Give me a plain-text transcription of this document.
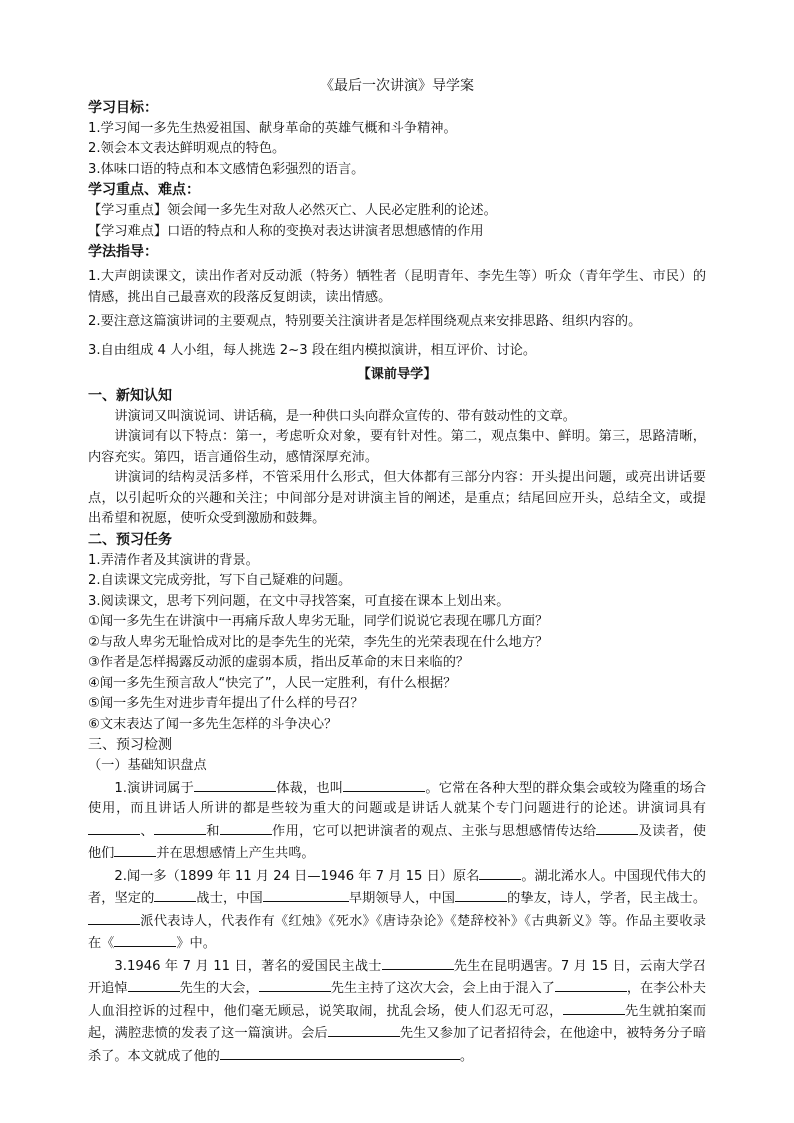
《最后一次讲演》导学案
学习目标：

1.学习闻一多先生热爱祖国、献身革命的英雄气概和斗争精神。

2.领会本文表达鲜明观点的特色。

3.体味口语的特点和本文感情色彩强烈的语言。

学习重点、难点：

【学习重点】领会闻一多先生对敌人必然灭亡、人民必定胜利的论述。

【学习难点】口语的特点和人称的变换对表达讲演者思想感情的作用

学法指导：

1.大声朗读课文，读出作者对反动派（特务）牺牲者（昆明青年、李先生等）听众（青年学生、市民）的情感，挑出自己最喜欢的段落反复朗读，读出情感。

2.要注意这篇演讲词的主要观点，特别要关注演讲者是怎样围绕观点来安排思路、组织内容的。

3.自由组成 4 人小组，每人挑选 2~3 段在组内模拟演讲，相互评价、讨论。

【课前导学】
一、新知认知

讲演词又叫演说词、讲话稿，是一种供口头向群众宣传的、带有鼓动性的文章。

讲演词有以下特点：第一，考虑听众对象，要有针对性。第二，观点集中、鲜明。第三，思路清晰，内容充实。第四，语言通俗生动，感情深厚充沛。

讲演词的结构灵活多样，不管采用什么形式，但大体都有三部分内容：开头提出问题，或亮出讲话要点，以引起听众的兴趣和关注；中间部分是对讲演主旨的阐述，是重点；结尾回应开头，总结全文，或提出希望和祝愿，使听众受到激励和鼓舞。

二、预习任务

1.弄清作者及其演讲的背景。

2.自读课文完成旁批，写下自己疑难的问题。

3.阅读课文，思考下列问题，在文中寻找答案，可直接在课本上划出来。

①闻一多先生在讲演中一再痛斥敌人卑劣无耻，同学们说说它表现在哪几方面？

②与敌人卑劣无耻恰成对比的是李先生的光荣，李先生的光荣表现在什么地方？

③作者是怎样揭露反动派的虚弱本质，指出反革命的末日来临的？

④闻一多先生预言敌人“快完了”，人民一定胜利，有什么根据？

⑤闻一多先生对进步青年提出了什么样的号召？

⑥文末表达了闻一多先生怎样的斗争决心？

三、预习检测

（一）基础知识盘点

1.演讲词属于	体裁，也叫	。它常在各种大型的群众集会或较为隆重的场合使用，而且讲话人所讲的都是些较为重大的问题或是讲话人就某个专门问题进行的论述。讲演词具有、	和	作用，它可以把讲演者的观点、主张与思想感情传达给	及读者，使他们	并在思想感情上产生共鸣。

2.闻一多（1899 年 11 月 24 日—1946 年 7 月 15 日）原名	。湖北浠水人。中国现代伟大的者，坚定的	战士，中国	早期领导人，中国	的挚友，诗人，学者，民主战士。派代表诗人，代表作有《红烛》《死水》《唐诗杂论》《楚辞校补》《古典新义》等。作品主要收录在《	》中。

3.1946 年 7 月 11 日，著名的爱国民主战士	先生在昆明遇害。7 月 15 日，云南大学召开追悼	先生的大会，	先生主持了这次大会，会上由于混入了	，在李公朴夫人血泪控诉的过程中，他们毫无顾忌，说笑取闹，扰乱会场，使人们忍无可忍，	先生就拍案而起，满腔悲愤的发表了这一篇演讲。会后	先生又参加了记者招待会，在他途中，被特务分子暗杀了。本文就成了他的	。
